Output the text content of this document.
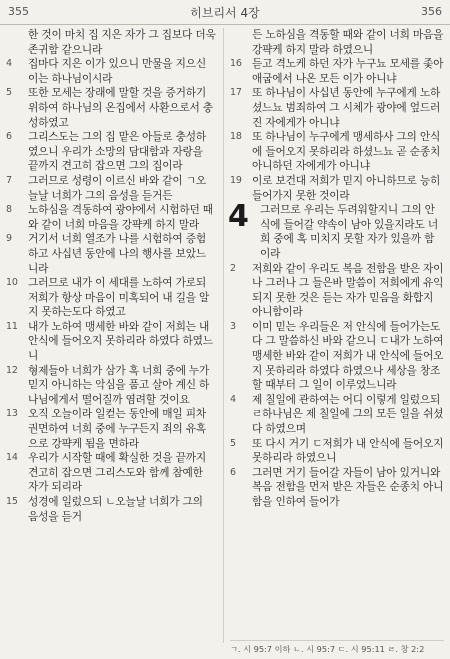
355	히브리서 4장	356

한 것이 마치 집 지은 자가 그 집보다 더욱 존귀함 같으니라

4 집마다 지은 이가 있으니 만물을 지으신 이는 하나님이시라

5 또한 모세는 장래에 말할 것을 증거하기 위하여 하나님의 온집에서 사환으로서 충성하였고

6 그리스도는 그의 집 맡은 아들로 충성하였으니 우리가 소망의 담대함과 자랑을 끝까지 견고히 잡으면 그의 집이라

7 그러므로 성령이 이르신 바와 같이 ㄱ오늘날 너희가 그의 음성을 듣거든

8 노하심을 격동하여 광야에서 시험하던 때와 같이 너희 마음을 강퍅케 하지 말라

9 거기서 너희 열조가 나를 시험하여 증험하고 사십년 동안에 나의 행사를 보았느니라

10 그러므로 내가 이 세대를 노하여 가로되 저희가 항상 마음이 미혹되어 내 길을 알지 못하는도다 하였고

11 내가 노하여 맹세한 바와 같이 저희는 내 안식에 들어오지 못하리라 하였다 하였느니

12 형제들아 너희가 삼가 혹 너희 중에 누가 믿지 아니하는 악심을 품고 살아 계신 하나님에게서 떨어질까 염려할 것이요

13 오직 오늘이라 일컫는 동안에 매일 피차 권면하여 너희 중에 누구든지 죄의 유혹으로 강퍅케 됨을 면하라

14 우리가 시작할 때에 확실한 것을 끝까지 견고히 잡으면 그리스도와 함께 참예한 자가 되리라

15 성경에 일렀으되 ㄴ오늘날 너희가 그의 음성을 듣거

든 노하심을 격동할 때와 같이 너희 마음을 강퍅케 하지 말라 하였으니

16 듣고 격노케 하던 자가 누구뇨 모세를 좇아 애굽에서 나온 모든 이가 아니냐

17 또 하나님이 사십년 동안에 누구에게 노하셨느뇨 범죄하여 그 시체가 광야에 엎드러진 자에게가 아니냐

18 또 하나님이 누구에게 맹세하사 그의 안식에 들어오지 못하리라 하셨느뇨 곧 순종치 아니하던 자에게가 아니냐

19 이로 보건대 저희가 믿지 아니하므로 능히 들어가지 못한 것이라

4	그러므로 우리는 두려워할지니 그의 안식에 들어갈 약속이 남아 있을지라도 너희 중에 혹 미치지 못할 자가 있을까 함이라

2 저희와 같이 우리도 복음 전함을 받은 자이나 그러나 그 들은바 말씀이 저희에게 유익되지 못한 것은 듣는 자가 믿음을 화합지 아니함이라

3 이미 믿는 우리들은 저 안식에 들어가는도다 그 말씀하신 바와 같으니 ㄷ내가 노하여 맹세한 바와 같이 저희가 내 안식에 들어오지 못하리라 하였다 하였으나 세상을 창조할 때부터 그 일이 이루었느니라

4 제 칠일에 관하여는 어디 이렇게 일렀으되 ㄹ하나님은 제 칠일에 그의 모든 일을 쉬셨다 하였으며

5 또 다시 거기 ㄷ저희가 내 안식에 들어오지 못하리라 하였으니

6 그러면 거기 들어갈 자들이 남아 있거니와 복음 전함을 먼저 받은 자들은 순종치 아니함을 인하여 들어가

ㄱ. 시 95:7 이하 ㄴ. 시 95:7 ㄷ. 시 95:11 ㄹ. 창 2:2
